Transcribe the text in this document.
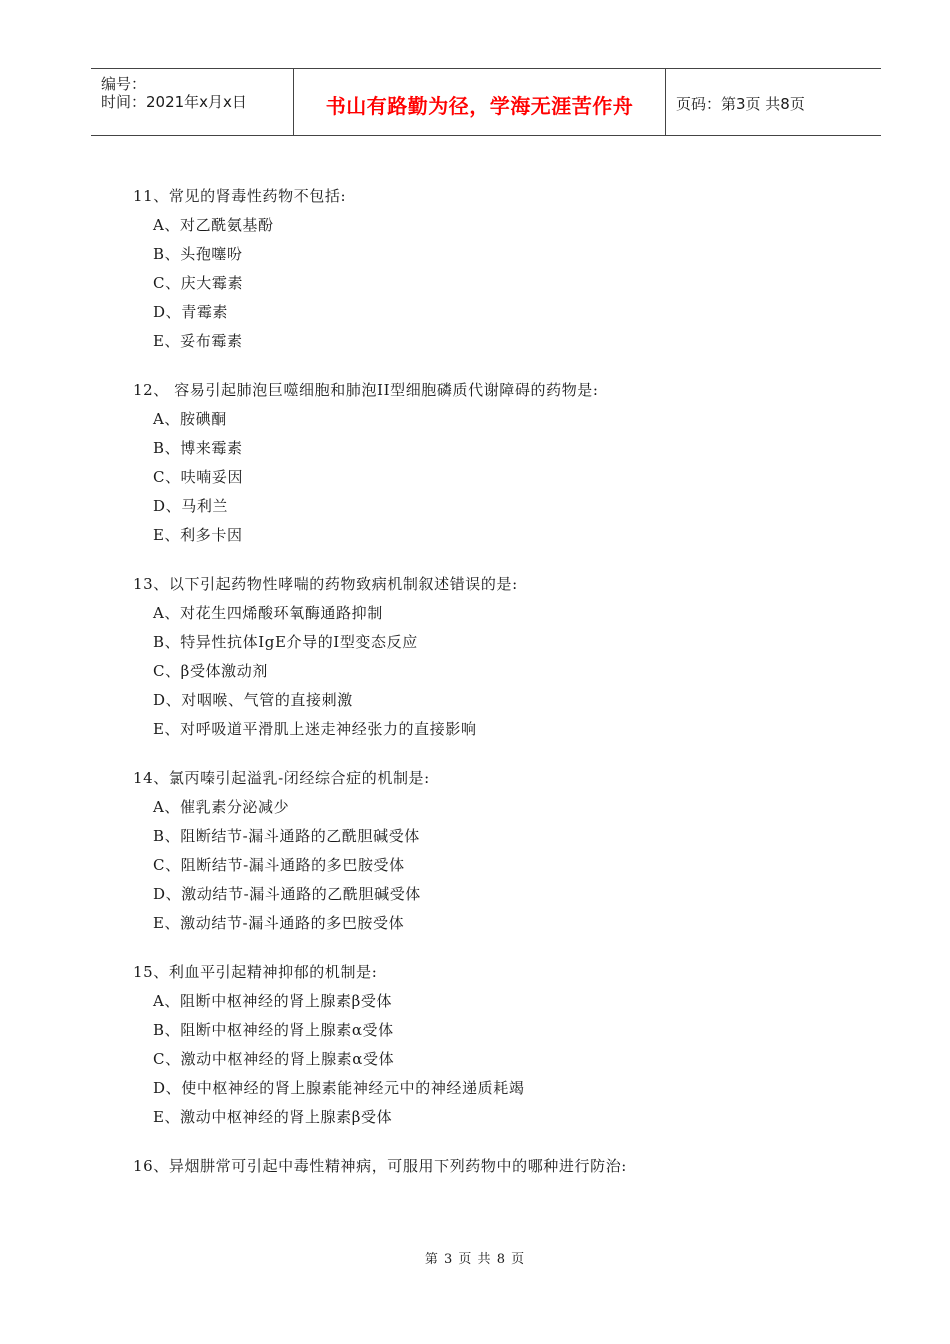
编号：
时间：2021年x月x日	书山有路勤为径，学海无涯苦作舟	页码：第3页 共8页
11、常见的肾毒性药物不包括:
A、对乙酰氨基酚
B、头孢噻吩
C、庆大霉素
D、青霉素
E、妥布霉素
12、 容易引起肺泡巨噬细胞和肺泡II型细胞磷质代谢障碍的药物是:
A、胺碘酮
B、博来霉素
C、呋喃妥因
D、马利兰
E、利多卡因
13、以下引起药物性哮喘的药物致病机制叙述错误的是:
A、对花生四烯酸环氧酶通路抑制
B、特异性抗体IgE介导的Ⅰ型变态反应
C、β受体激动剂
D、对咽喉、气管的直接刺激
E、对呼吸道平滑肌上迷走神经张力的直接影响
14、氯丙嗪引起溢乳-闭经综合症的机制是:
A、催乳素分泌减少
B、阻断结节-漏斗通路的乙酰胆碱受体
C、阻断结节-漏斗通路的多巴胺受体
D、激动结节-漏斗通路的乙酰胆碱受体
E、激动结节-漏斗通路的多巴胺受体
15、利血平引起精神抑郁的机制是:
A、阻断中枢神经的肾上腺素β受体
B、阻断中枢神经的肾上腺素α受体
C、激动中枢神经的肾上腺素α受体
D、使中枢神经的肾上腺素能神经元中的神经递质耗竭
E、激动中枢神经的肾上腺素β受体
16、异烟肼常可引起中毒性精神病，可服用下列药物中的哪种进行防治:
第 3 页 共 8 页
